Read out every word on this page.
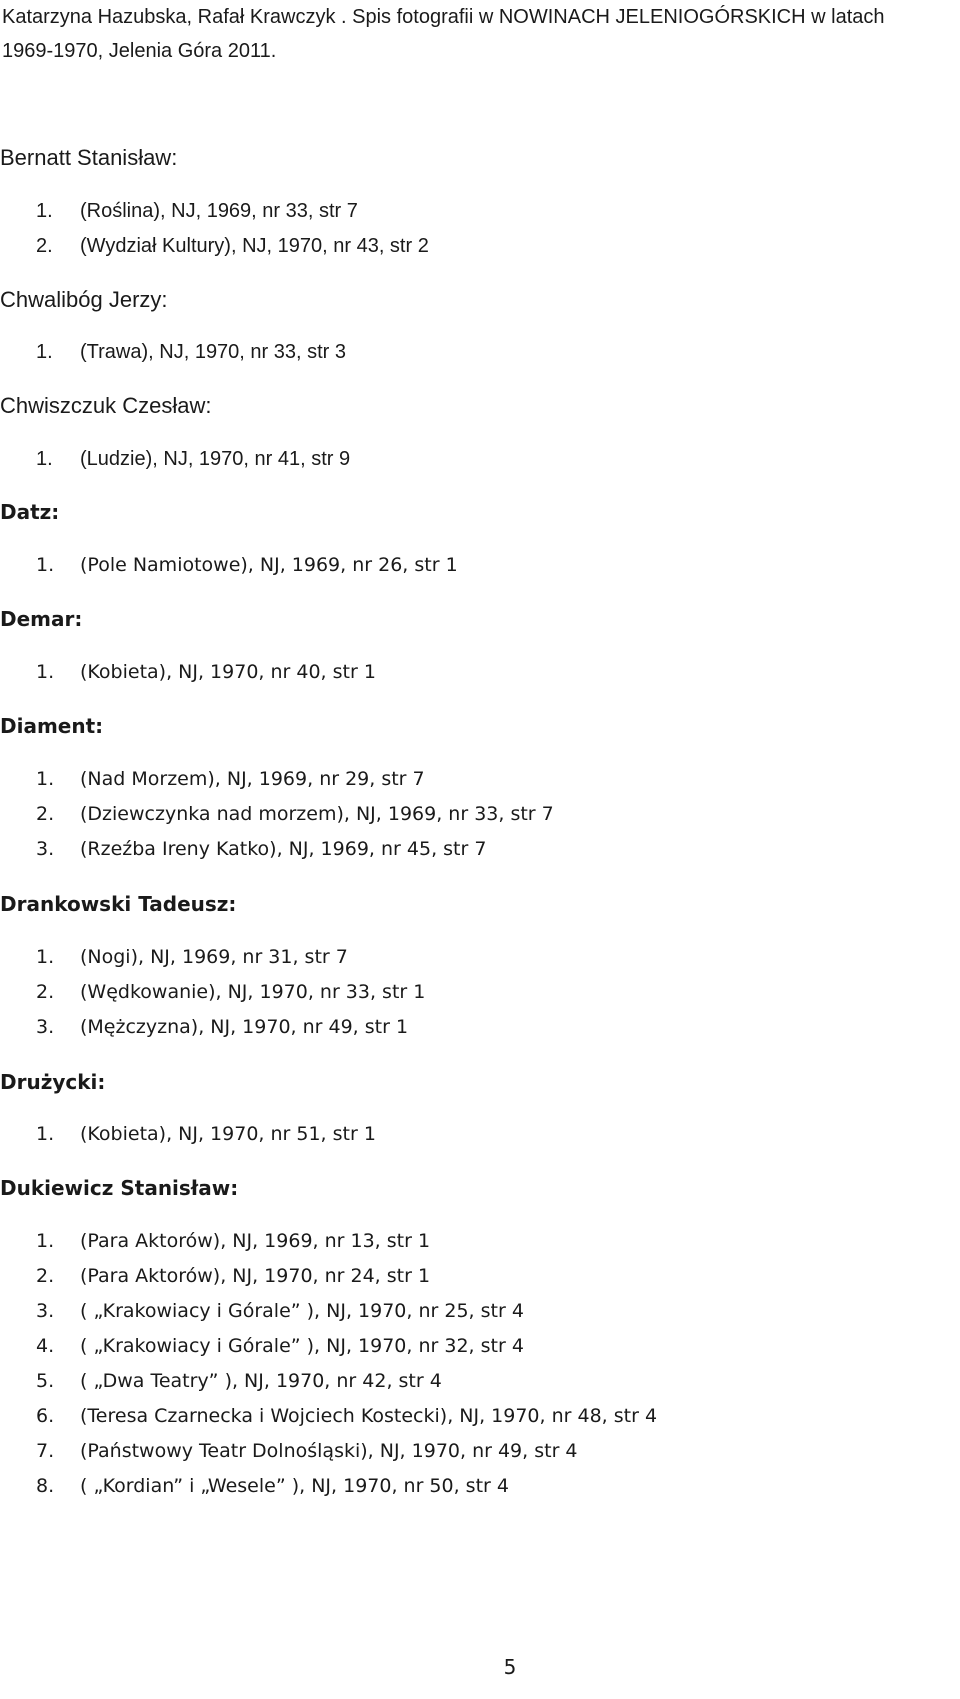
Katarzyna Hazubska, Rafał Krawczyk . Spis fotografii w NOWINACH JELENIOGÓRSKICH w latach
1969-1970, Jelenia Góra 2011.
Bernatt Stanisław:
1.	(Roślina), NJ, 1969, nr 33, str 7
2.	(Wydział Kultury), NJ, 1970, nr 43, str 2
Chwalibóg Jerzy:
1.	(Trawa), NJ, 1970, nr 33, str 3
Chwiszczuk Czesław:
1.	(Ludzie), NJ, 1970, nr 41, str 9
Datz:
1.	(Pole Namiotowe), NJ, 1969, nr 26, str 1
Demar:
1.	(Kobieta), NJ, 1970, nr 40, str 1
Diament:
1.	(Nad Morzem), NJ, 1969, nr 29, str 7
2.	(Dziewczynka nad morzem), NJ, 1969, nr 33, str 7
3.	(Rzeźba Ireny Katko), NJ, 1969, nr 45, str 7
Drankowski Tadeusz:
1.	(Nogi), NJ, 1969, nr 31, str 7
2.	(Wędkowanie), NJ, 1970, nr 33, str 1
3.	(Mężczyzna), NJ, 1970, nr 49, str 1
Drużycki:
1.	(Kobieta), NJ, 1970, nr 51, str 1
Dukiewicz Stanisław:
1.	(Para Aktorów), NJ, 1969, nr 13, str 1
2.	(Para Aktorów), NJ, 1970, nr 24, str 1
3.	( „Krakowiacy i Górale” ), NJ, 1970, nr 25, str 4
4.	( „Krakowiacy i Górale” ), NJ, 1970, nr 32, str 4
5.	( „Dwa Teatry” ), NJ, 1970, nr 42, str 4
6.	(Teresa Czarnecka i Wojciech Kostecki), NJ, 1970, nr 48, str 4
7.	(Państwowy Teatr Dolnośląski), NJ, 1970, nr 49, str 4
8.	( „Kordian” i „Wesele” ), NJ, 1970, nr 50, str 4
5
